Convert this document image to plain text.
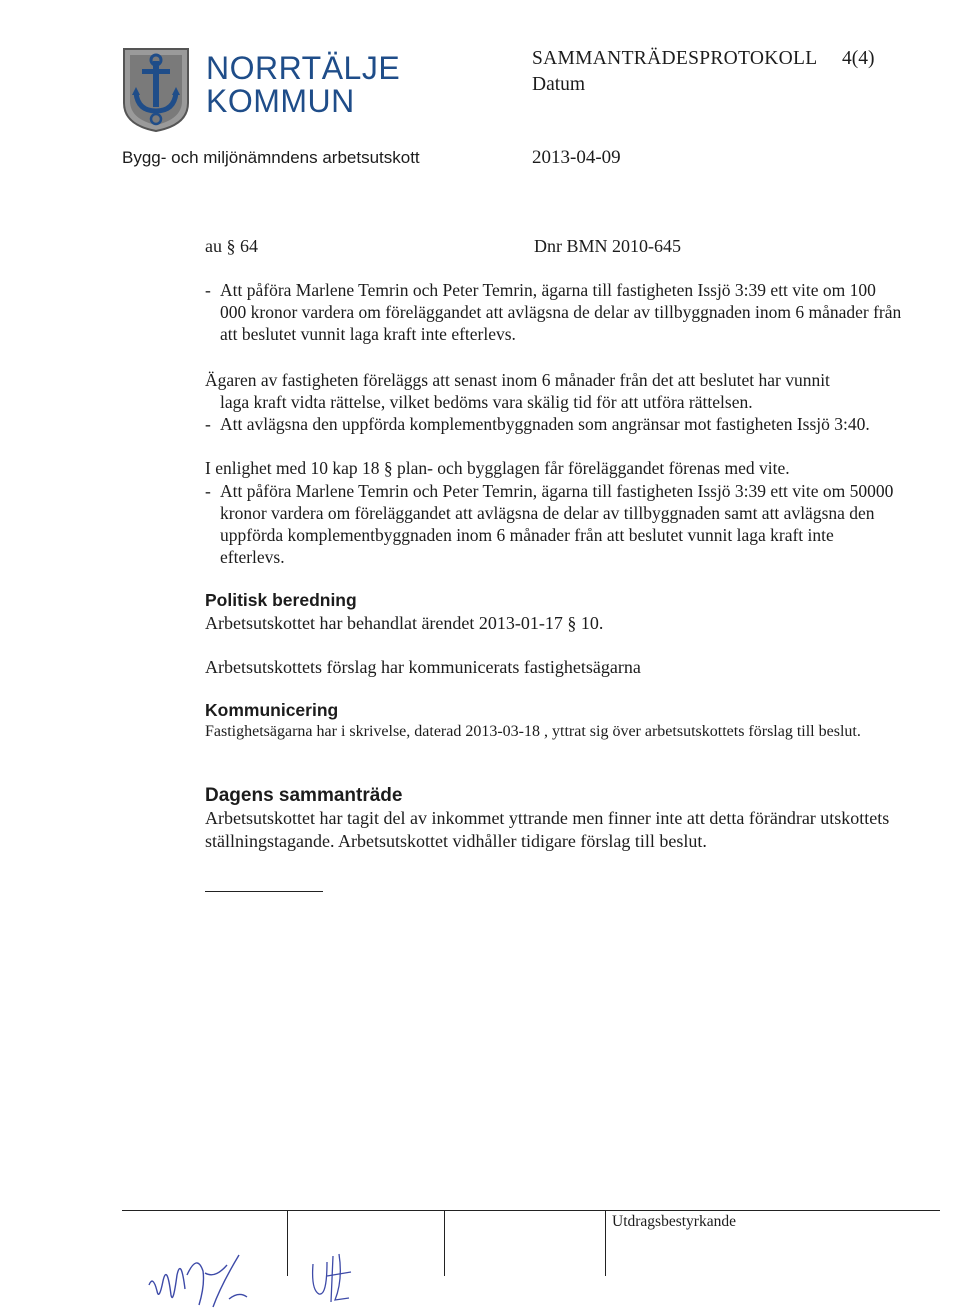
NORRTÄLJE
KOMMUN
SAMMANTRÄDESPROTOKOLL 4(4)
Datum
Bygg- och miljönämndens arbetsutskott	2013-04-09
au § 64	Dnr BMN 2010-645
- Att påföra Marlene Temrin och Peter Temrin, ägarna till fastigheten Issjö 3:39 ett vite om 100 000 kronor vardera om föreläggandet att avlägsna de delar av tillbyggnaden inom 6 månader från att beslutet vunnit laga kraft inte efterlevs.
Ägaren av fastigheten föreläggs att senast inom 6 månader från det att beslutet har vunnit
laga kraft vidta rättelse, vilket bedöms vara skälig tid för att utföra rättelsen.
- Att avlägsna den uppförda komplementbyggnaden som angränsar mot fastigheten Issjö 3:40.
I enlighet med 10 kap 18 § plan- och bygglagen får föreläggandet förenas med vite.
- Att påföra Marlene Temrin och Peter Temrin, ägarna till fastigheten Issjö 3:39 ett vite om 50000 kronor vardera om föreläggandet att avlägsna de delar av tillbyggnaden samt att avlägsna den uppförda komplementbyggnaden inom 6 månader från att beslutet vunnit laga kraft inte efterlevs.
Politisk beredning
Arbetsutskottet har behandlat ärendet 2013-01-17 § 10.
Arbetsutskottets förslag har kommunicerats fastighetsägarna
Kommunicering
Fastighetsägarna har i skrivelse, daterad 2013-03-18 , yttrat sig över arbetsutskottets förslag till beslut.
Dagens sammanträde
Arbetsutskottet har tagit del av inkommet yttrande men finner inte att detta förändrar utskottets ställningstagande. Arbetsutskottet vidhåller tidigare förslag till beslut.
Utdragsbestyrkande
